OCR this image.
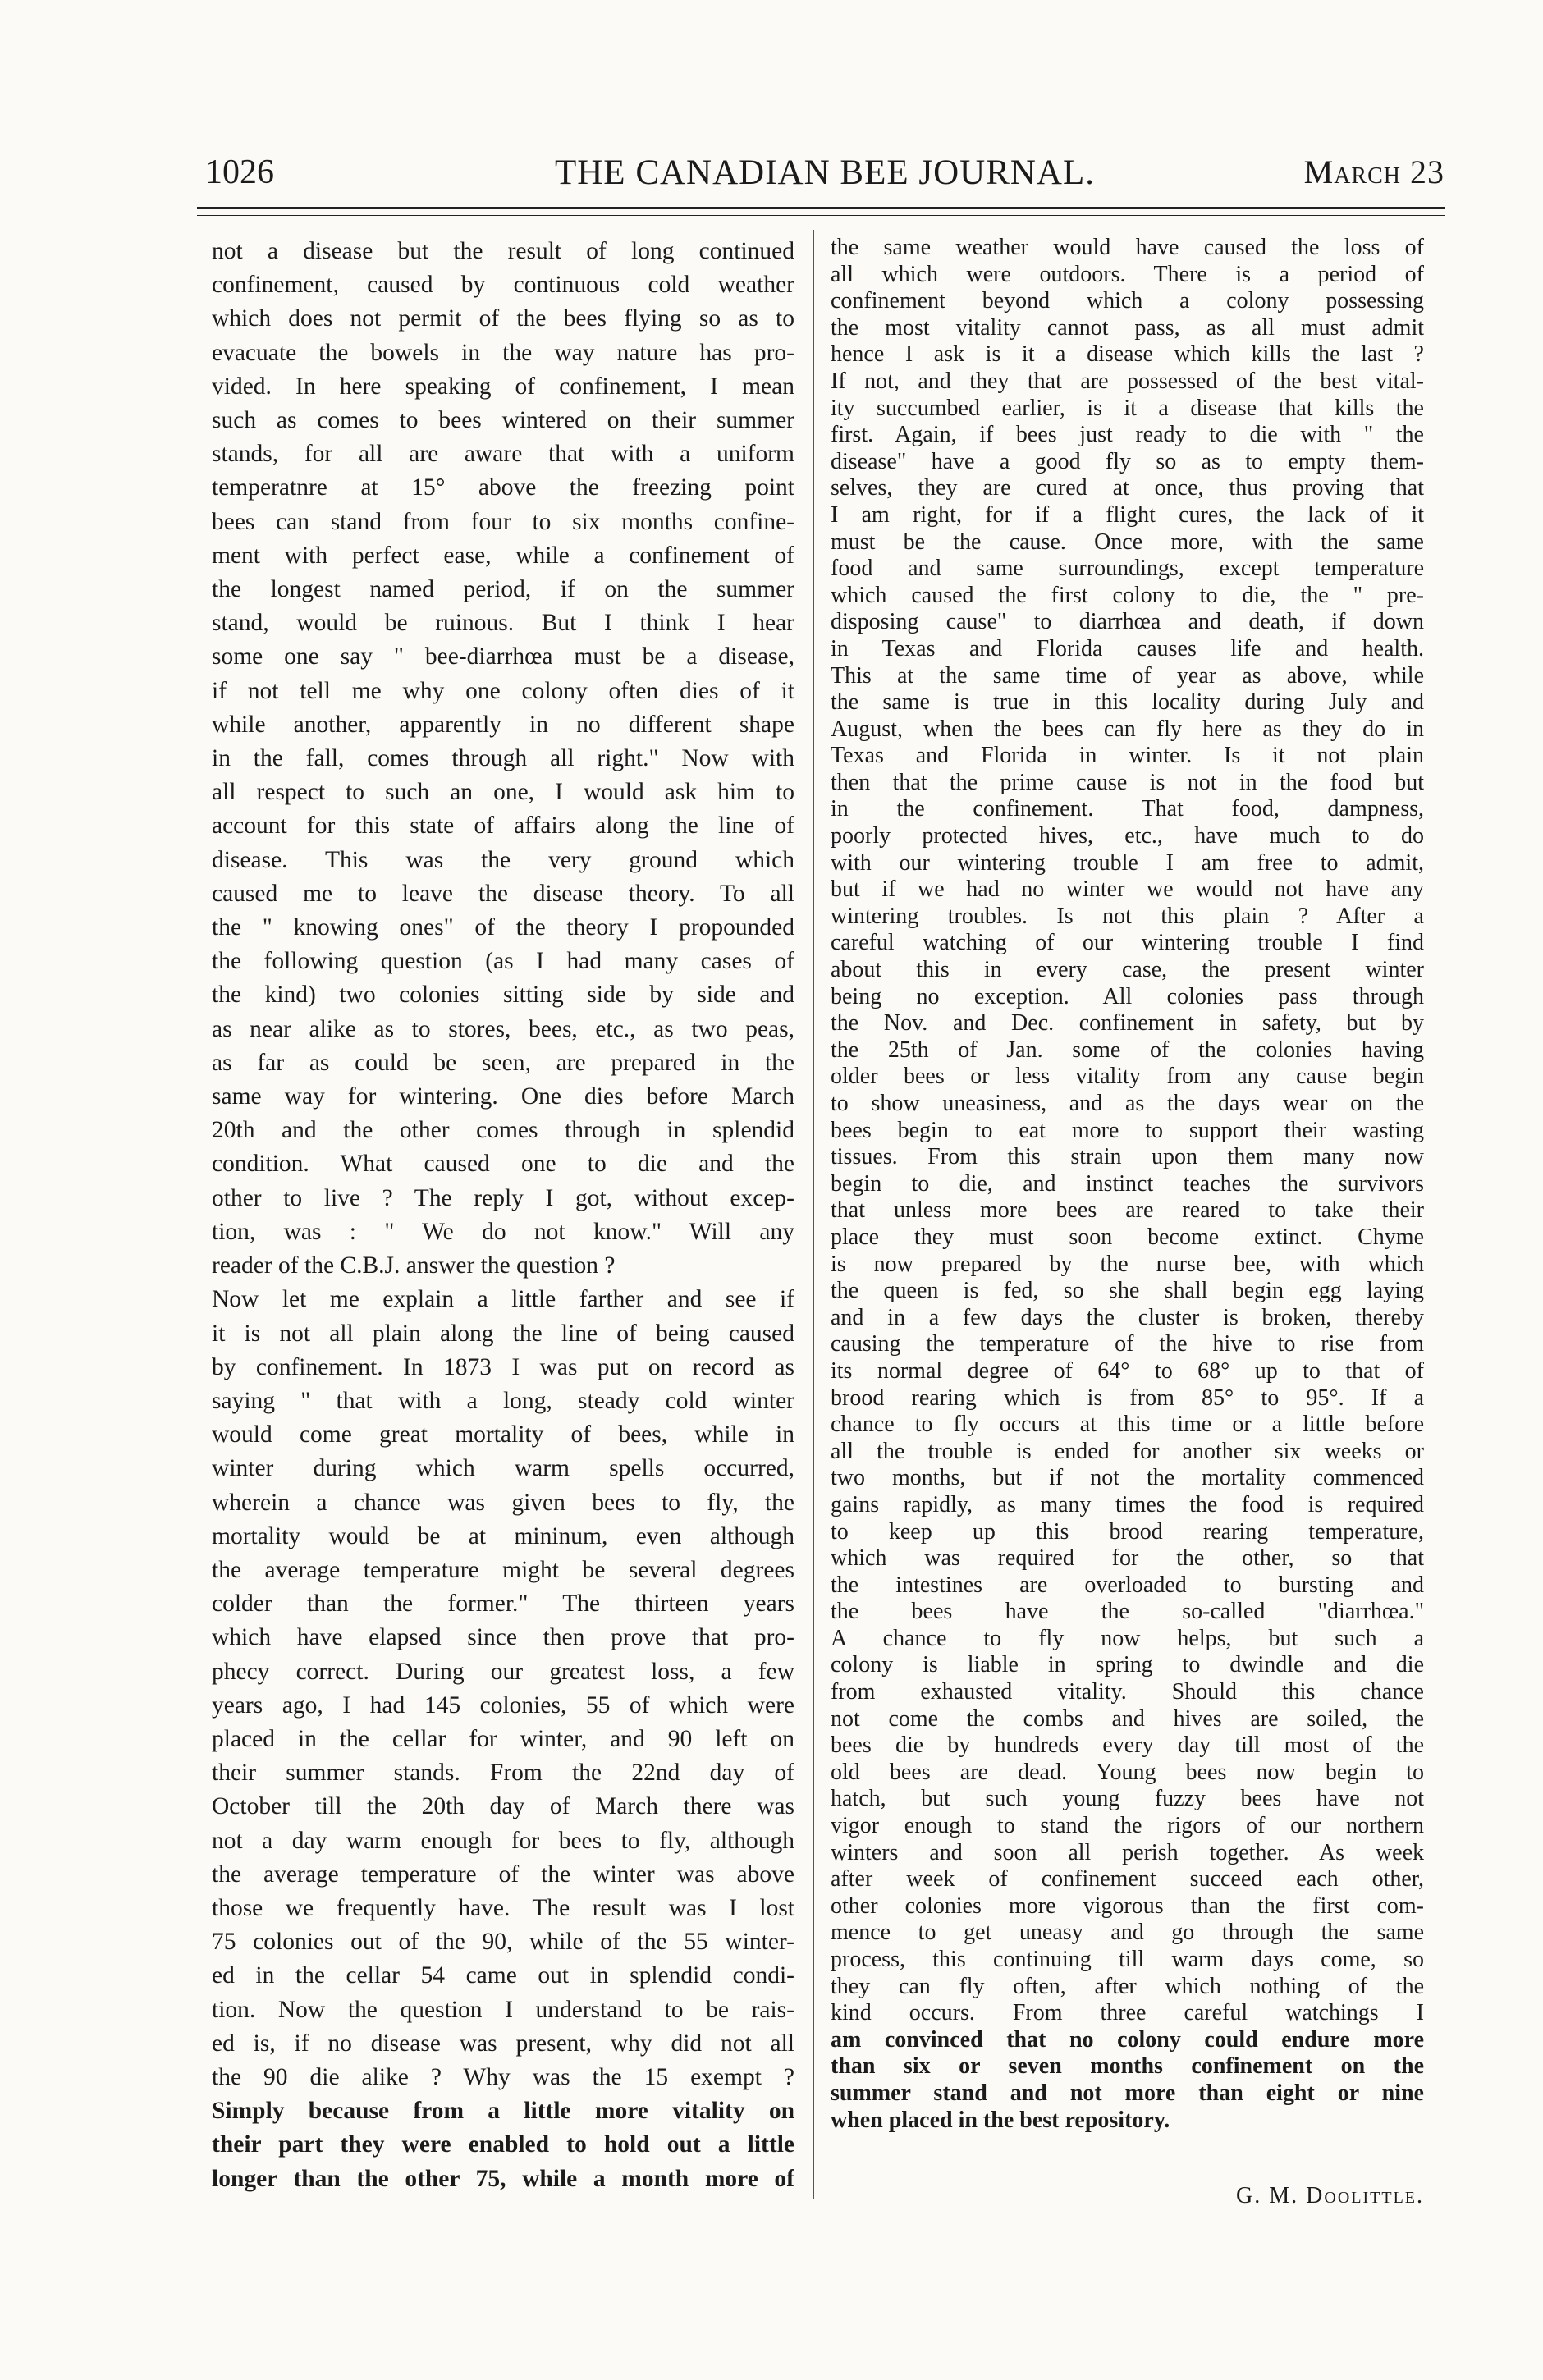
1026	THE CANADIAN BEE JOURNAL.	March 23
not a disease but the result of long continued
confinement, caused by continuous cold weather
which does not permit of the bees flying so as to
evacuate the bowels in the way nature has pro-
vided. In here speaking of confinement, I mean
such as comes to bees wintered on their summer
stands, for all are aware that with a uniform
temperatnre at 15° above the freezing point
bees can stand from four to six months confine-
ment with perfect ease, while a confinement of
the longest named period, if on the summer
stand, would be ruinous. But I think I hear
some one say " bee-diarrhœa must be a disease,
if not tell me why one colony often dies of it
while another, apparently in no different shape
in the fall, comes through all right." Now with
all respect to such an one, I would ask him to
account for this state of affairs along the line of
disease. This was the very ground which
caused me to leave the disease theory. To all
the " knowing ones" of the theory I propounded
the following question (as I had many cases of
the kind) two colonies sitting side by side and
as near alike as to stores, bees, etc., as two peas,
as far as could be seen, are prepared in the
same way for wintering. One dies before March
20th and the other comes through in splendid
condition. What caused one to die and the
other to live ? The reply I got, without excep-
tion, was : " We do not know." Will any
reader of the C.B.J. answer the question ?
Now let me explain a little farther and see if
it is not all plain along the line of being caused
by confinement. In 1873 I was put on record as
saying " that with a long, steady cold winter
would come great mortality of bees, while in
winter during which warm spells occurred,
wherein a chance was given bees to fly, the
mortality would be at mininum, even although
the average temperature might be several degrees
colder than the former." The thirteen years
which have elapsed since then prove that pro-
phecy correct. During our greatest loss, a few
years ago, I had 145 colonies, 55 of which were
placed in the cellar for winter, and 90 left on
their summer stands. From the 22nd day of
October till the 20th day of March there was
not a day warm enough for bees to fly, although
the average temperature of the winter was above
those we frequently have. The result was I lost
75 colonies out of the 90, while of the 55 winter-
ed in the cellar 54 came out in splendid condi-
tion. Now the question I understand to be rais-
ed is, if no disease was present, why did not all
the 90 die alike ? Why was the 15 exempt ?
Simply because from a little more vitality on
their part they were enabled to hold out a little
longer than the other 75, while a month more of
the same weather would have caused the loss of
all which were outdoors. There is a period of
confinement beyond which a colony possessing
the most vitality cannot pass, as all must admit
hence I ask is it a disease which kills the last ?
If not, and they that are possessed of the best vital-
ity succumbed earlier, is it a disease that kills the
first. Again, if bees just ready to die with " the
disease" have a good fly so as to empty them-
selves, they are cured at once, thus proving that
I am right, for if a flight cures, the lack of it
must be the cause. Once more, with the same
food and same surroundings, except temperature
which caused the first colony to die, the " pre-
disposing cause" to diarrhœa and death, if down
in Texas and Florida causes life and health.
This at the same time of year as above, while
the same is true in this locality during July and
August, when the bees can fly here as they do in
Texas and Florida in winter. Is it not plain
then that the prime cause is not in the food but
in the confinement. That food, dampness,
poorly protected hives, etc., have much to do
with our wintering trouble I am free to admit,
but if we had no winter we would not have any
wintering troubles. Is not this plain ? After a
careful watching of our wintering trouble I find
about this in every case, the present winter
being no exception. All colonies pass through
the Nov. and Dec. confinement in safety, but by
the 25th of Jan. some of the colonies having
older bees or less vitality from any cause begin
to show uneasiness, and as the days wear on the
bees begin to eat more to support their wasting
tissues. From this strain upon them many now
begin to die, and instinct teaches the survivors
that unless more bees are reared to take their
place they must soon become extinct. Chyme
is now prepared by the nurse bee, with which
the queen is fed, so she shall begin egg laying
and in a few days the cluster is broken, thereby
causing the temperature of the hive to rise from
its normal degree of 64° to 68° up to that of
brood rearing which is from 85° to 95°. If a
chance to fly occurs at this time or a little before
all the trouble is ended for another six weeks or
two months, but if not the mortality commenced
gains rapidly, as many times the food is required
to keep up this brood rearing temperature,
which was required for the other, so that
the intestines are overloaded to bursting and
the bees have the so-called "diarrhœa."
A chance to fly now helps, but such a
colony is liable in spring to dwindle and die
from exhausted vitality. Should this chance
not come the combs and hives are soiled, the
bees die by hundreds every day till most of the
old bees are dead. Young bees now begin to
hatch, but such young fuzzy bees have not
vigor enough to stand the rigors of our northern
winters and soon all perish together. As week
after week of confinement succeed each other,
other colonies more vigorous than the first com-
mence to get uneasy and go through the same
process, this continuing till warm days come, so
they can fly often, after which nothing of the
kind occurs. From three careful watchings I
am convinced that no colony could endure more
than six or seven months confinement on the
summer stand and not more than eight or nine
when placed in the best repository.
G. M. Doolittle.
